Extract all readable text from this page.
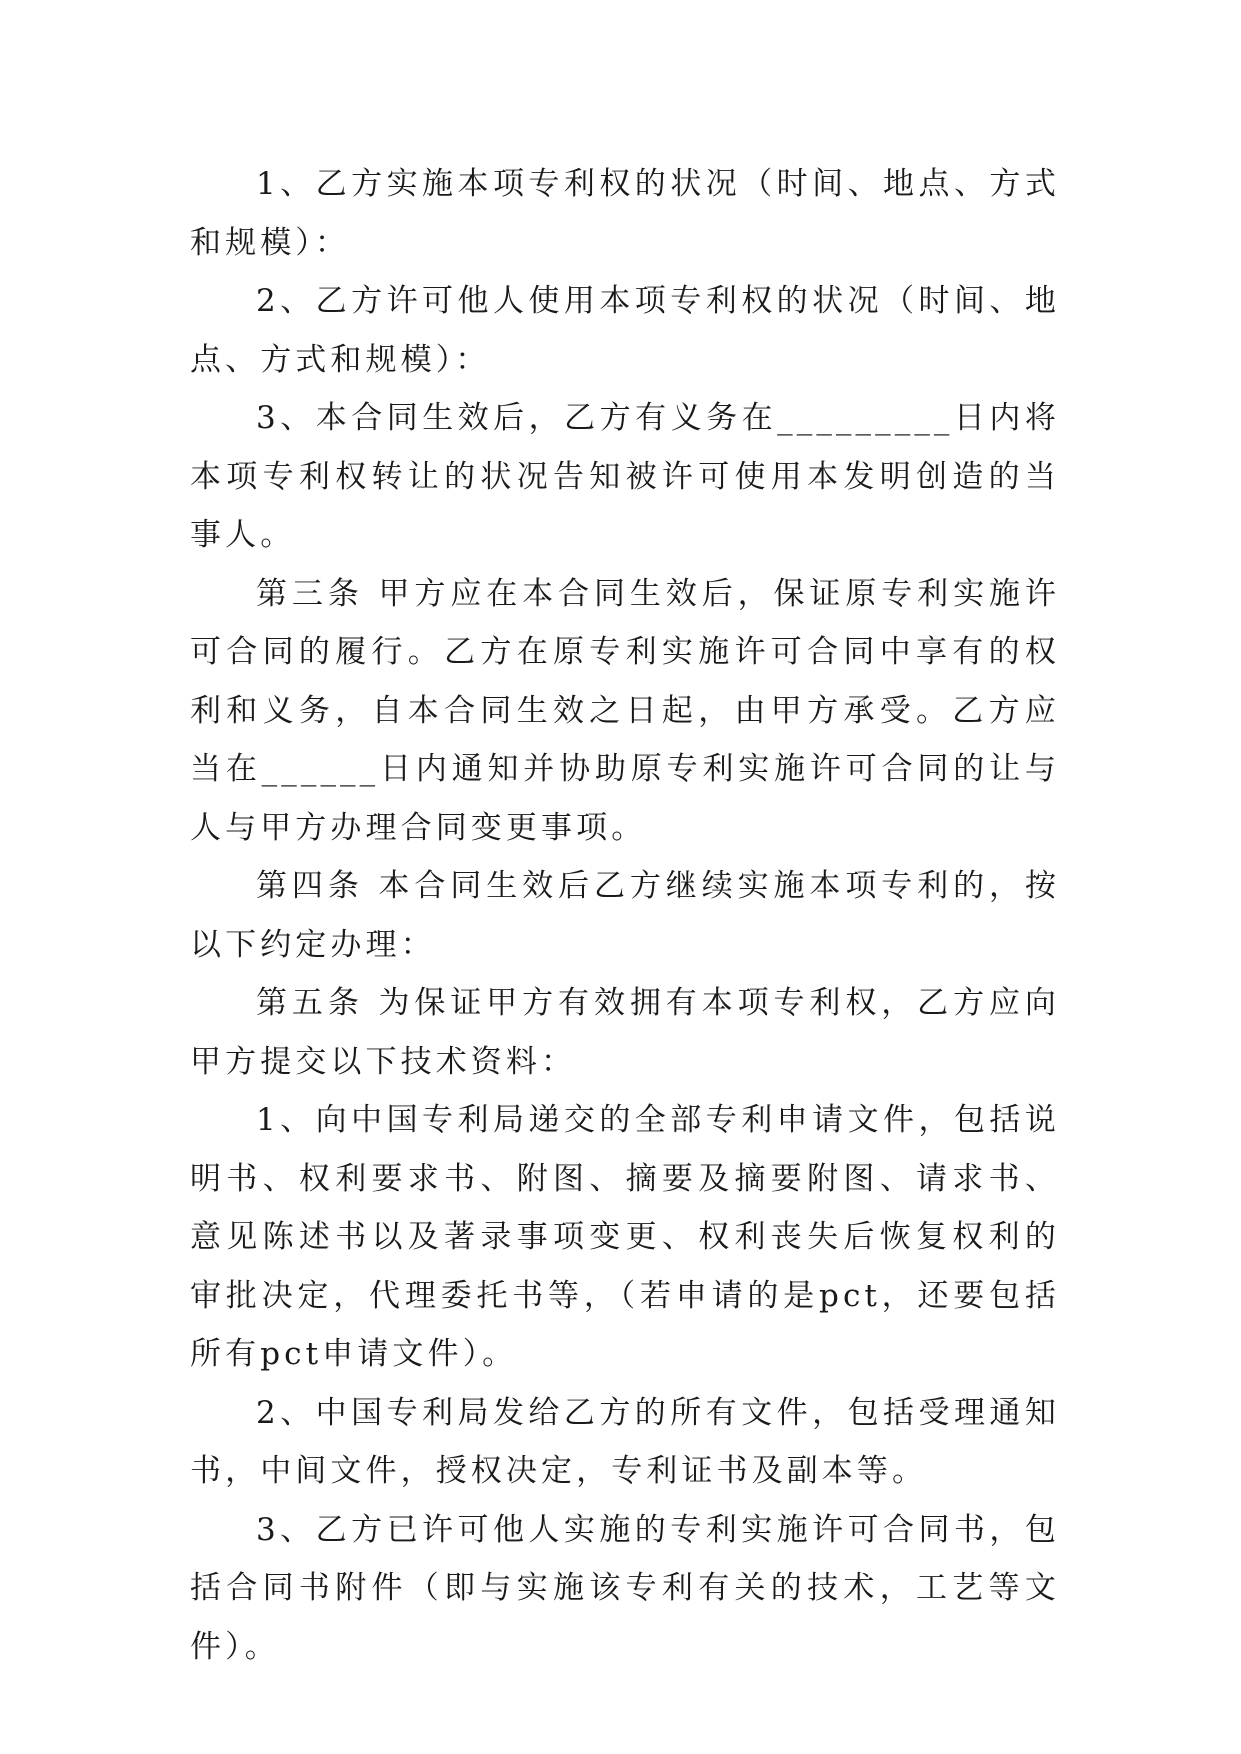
1、乙方实施本项专利权的状况（时间、地点、方式和规模）：

2、乙方许可他人使用本项专利权的状况（时间、地点、方式和规模）：

3、本合同生效后，乙方有义务在_________日内将本项专利权转让的状况告知被许可使用本发明创造的当事人。

第三条 甲方应在本合同生效后，保证原专利实施许可合同的履行。乙方在原专利实施许可合同中享有的权利和义务，自本合同生效之日起，由甲方承受。乙方应当在______日内通知并协助原专利实施许可合同的让与人与甲方办理合同变更事项。

第四条 本合同生效后乙方继续实施本项专利的，按以下约定办理：

第五条 为保证甲方有效拥有本项专利权，乙方应向甲方提交以下技术资料：

1、向中国专利局递交的全部专利申请文件，包括说明书、权利要求书、附图、摘要及摘要附图、请求书、意见陈述书以及著录事项变更、权利丧失后恢复权利的审批决定，代理委托书等，（若申请的是pct，还要包括所有pct申请文件）。

2、中国专利局发给乙方的所有文件，包括受理通知书，中间文件，授权决定，专利证书及副本等。

3、乙方已许可他人实施的专利实施许可合同书，包括合同书附件（即与实施该专利有关的技术，工艺等文件）。
